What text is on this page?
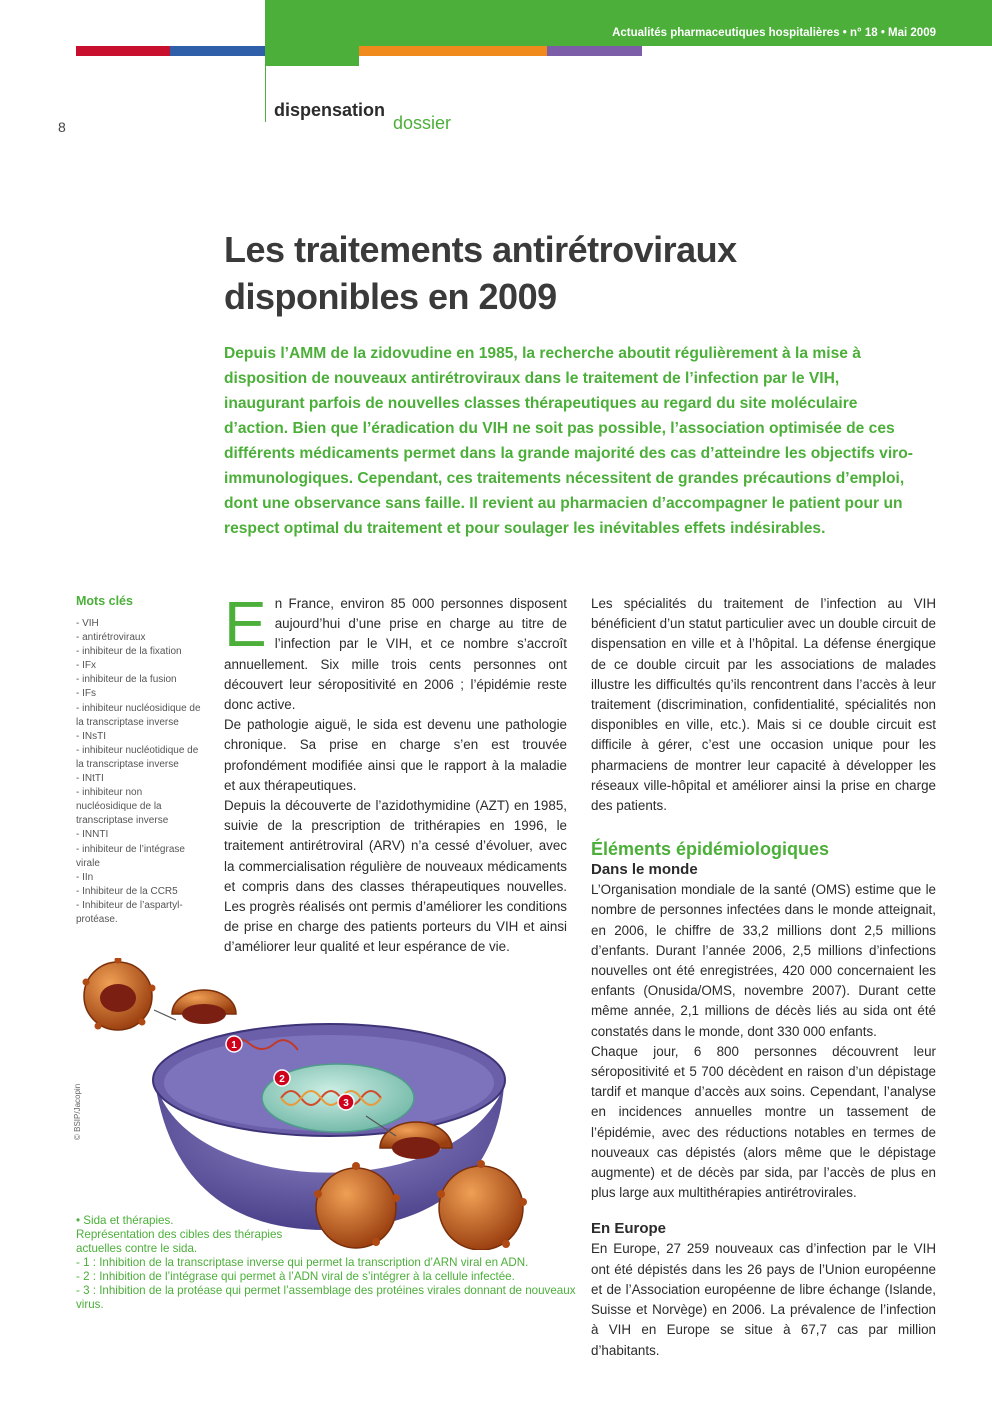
Actualités pharmaceutiques hospitalières • n° 18 • Mai 2009
8
dispensation
dossier
Les traitements antirétroviraux
disponibles en 2009

Depuis l’AMM de la zidovudine en 1985, la recherche aboutit régulièrement à la mise à disposition de nouveaux antirétroviraux dans le traitement de l’infection par le VIH, inaugurant parfois de nouvelles classes thérapeutiques au regard du site moléculaire d’action. Bien que l’éradication du VIH ne soit pas possible, l’association optimisée de ces différents médicaments permet dans la grande majorité des cas d’atteindre les objectifs viro-immunologiques. Cependant, ces traitements nécessitent de grandes précautions d’emploi, dont une observance sans faille. Il revient au pharmacien d’accompagner le patient pour un respect optimal du traitement et pour soulager les inévitables effets indésirables.

Mots clés
- VIH
- antirétroviraux
- inhibiteur de la fixation
- IFx
- inhibiteur de la fusion
- IFs
- inhibiteur nucléosidique de la transcriptase inverse
- INsTI
- inhibiteur nucléotidique de la transcriptase inverse
- INtTI
- inhibiteur non nucléosidique de la transcriptase inverse
- INNTI
- inhibiteur de l’intégrase virale
- IIn
- Inhibiteur de la CCR5
- Inhibiteur de l’aspartyl-protéase.

En France, environ 85 000 personnes disposent aujourd’hui d’une prise en charge au titre de l’infection par le VIH, et ce nombre s’accroît annuellement. Six mille trois cents personnes ont découvert leur séropositivité en 2006 ; l’épidémie reste donc active.

De pathologie aiguë, le sida est devenu une pathologie chronique. Sa prise en charge s’en est trouvée profondément modifiée ainsi que le rapport à la maladie et aux thérapeutiques.

Depuis la découverte de l’azidothymidine (AZT) en 1985, suivie de la prescription de trithérapies en 1996, le traitement antirétroviral (ARV) n’a cessé d’évoluer, avec la commercialisation régulière de nouveaux médicaments et compris dans des classes thérapeutiques nouvelles. Les progrès réalisés ont permis d’améliorer les conditions de prise en charge des patients porteurs du VIH et ainsi d’améliorer leur qualité et leur espérance de vie.

Les spécialités du traitement de l’infection au VIH bénéficient d’un statut particulier avec un double circuit de dispensation en ville et à l’hôpital. La défense énergique de ce double circuit par les associations de malades illustre les difficultés qu’ils rencontrent dans l’accès à leur traitement (discrimination, confidentialité, spécialités non disponibles en ville, etc.). Mais si ce double circuit est difficile à gérer, c’est une occasion unique pour les pharmaciens de montrer leur capacité à développer les réseaux ville-hôpital et améliorer ainsi la prise en charge des patients.

Éléments épidémiologiques
Dans le monde

L’Organisation mondiale de la santé (OMS) estime que le nombre de personnes infectées dans le monde atteignait, en 2006, le chiffre de 33,2 millions dont 2,5 millions d’enfants. Durant l’année 2006, 2,5 millions d’infections nouvelles ont été enregistrées, 420 000 concernaient les enfants (Onusida/OMS, novembre 2007). Durant cette même année, 2,1 millions de décès liés au sida ont été constatés dans le monde, dont 330 000 enfants.

Chaque jour, 6 800 personnes découvrent leur séropositivité et 5 700 décèdent en raison d’un dépistage tardif et manque d’accès aux soins. Cependant, l’analyse en incidences annuelles montre un tassement de l’épidémie, avec des réductions notables en termes de nouveaux cas dépistés (alors même que le dépistage augmente) et de décès par sida, par l’accès de plus en plus large aux multithérapies antirétrovirales.

En Europe

En Europe, 27 259 nouveaux cas d’infection par le VIH ont été dépistés dans les 26 pays de l’Union européenne et de l’Association européenne de libre échange (Islande, Suisse et Norvège) en 2006. La prévalence de l’infection à VIH en Europe se situe à 67,7 cas par million d’habitants.

1
2
3
© BSIP/Jacopin

• Sida et thérapies.

Représentation des cibles des thérapies

actuelles contre le sida.

- 1 : Inhibition de la transcriptase inverse qui permet la transcription d’ARN viral en ADN.

- 2 : Inhibition de l’intégrase qui permet à l’ADN viral de s’intégrer à la cellule infectée.

- 3 : Inhibition de la protéase qui permet l’assemblage des protéines virales donnant de nouveaux virus.
